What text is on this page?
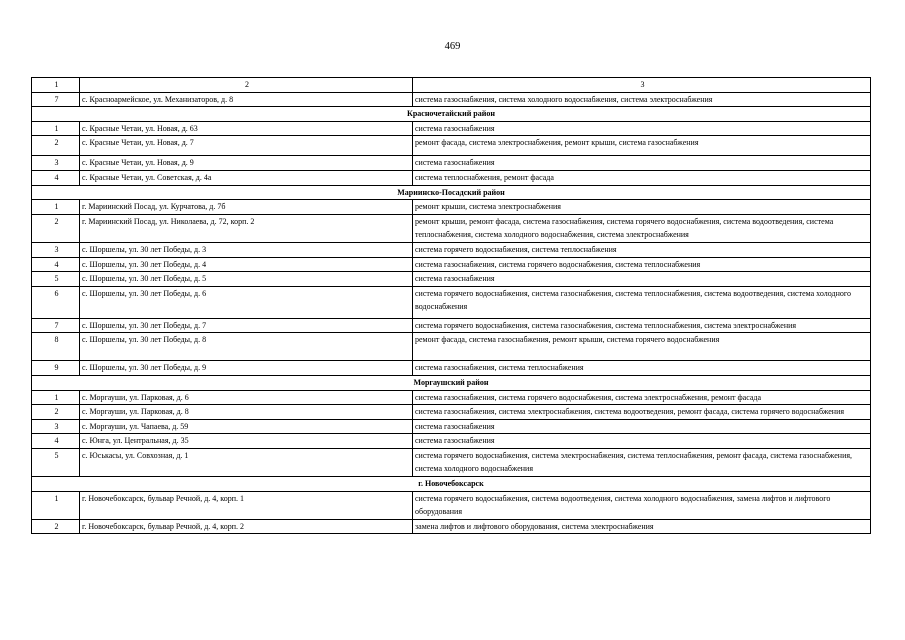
469
1	2	3
7	с. Красноармейское, ул. Механизаторов, д. 8	система газоснабжения, система холодного водоснабжения, система электроснабжения
Красночетайский район		
1	с. Красные Четаи, ул. Новая, д. 63	система газоснабжения
2	с. Красные Четаи, ул. Новая, д. 7	ремонт фасада, система электроснабжения, ремонт крыши, система газоснабжения
3	с. Красные Четаи, ул. Новая, д. 9	система газоснабжения
4	с. Красные Четаи, ул. Советская, д. 4а	система теплоснабжения, ремонт фасада
Мариинско-Посадский район		
1	г. Мариинский Посад, ул. Курчатова, д. 7б	ремонт крыши, система электроснабжения
2	г. Мариинский Посад, ул. Николаева, д. 72, корп. 2	ремонт крыши, ремонт фасада, система газоснабжения, система горячего водоснабжения, система водоотведения, система теплоснабжения, система холодного водоснабжения, система электроснабжения
3	с. Шоршелы, ул. 30 лет Победы, д. 3	система горячего водоснабжения, система теплоснабжения
4	с. Шоршелы, ул. 30 лет Победы, д. 4	система газоснабжения, система горячего водоснабжения, система теплоснабжения
5	с. Шоршелы, ул. 30 лет Победы, д. 5	система газоснабжения
6	с. Шоршелы, ул. 30 лет Победы, д. 6	система горячего водоснабжения, система газоснабжения, система теплоснабжения, система водоотведения, система холодного водоснабжения
7	с. Шоршелы, ул. 30 лет Победы, д. 7	система горячего водоснабжения, система газоснабжения, система теплоснабжения, система электроснабжения
8	с. Шоршелы, ул. 30 лет Победы, д. 8	ремонт фасада, система газоснабжения, ремонт крыши, система горячего водоснабжения
9	с. Шоршелы, ул. 30 лет Победы, д. 9	система газоснабжения, система теплоснабжения
Моргаушский район		
1	с. Моргауши, ул. Парковая, д. 6	система газоснабжения, система горячего водоснабжения, система электроснабжения, ремонт фасада
2	с. Моргауши, ул. Парковая, д. 8	система газоснабжения, система электроснабжения, система водоотведения, ремонт фасада, система горячего водоснабжения
3	с. Моргауши, ул. Чапаева, д. 59	система газоснабжения
4	с. Юнга, ул. Центральная, д. 35	система газоснабжения
5	с. Юськасы, ул. Совхозная, д. 1	система горячего водоснабжения, система электроснабжения, система теплоснабжения, ремонт фасада, система газоснабжения, система холодного водоснабжения
г. Новочебоксарск		
1	г. Новочебоксарск, бульвар Речной, д. 4, корп. 1	система горячего водоснабжения, система водоотведения, система холодного водоснабжения, замена лифтов и лифтового оборудования
2	г. Новочебоксарск, бульвар Речной, д. 4, корп. 2	замена лифтов и лифтового оборудования, система электроснабжения
